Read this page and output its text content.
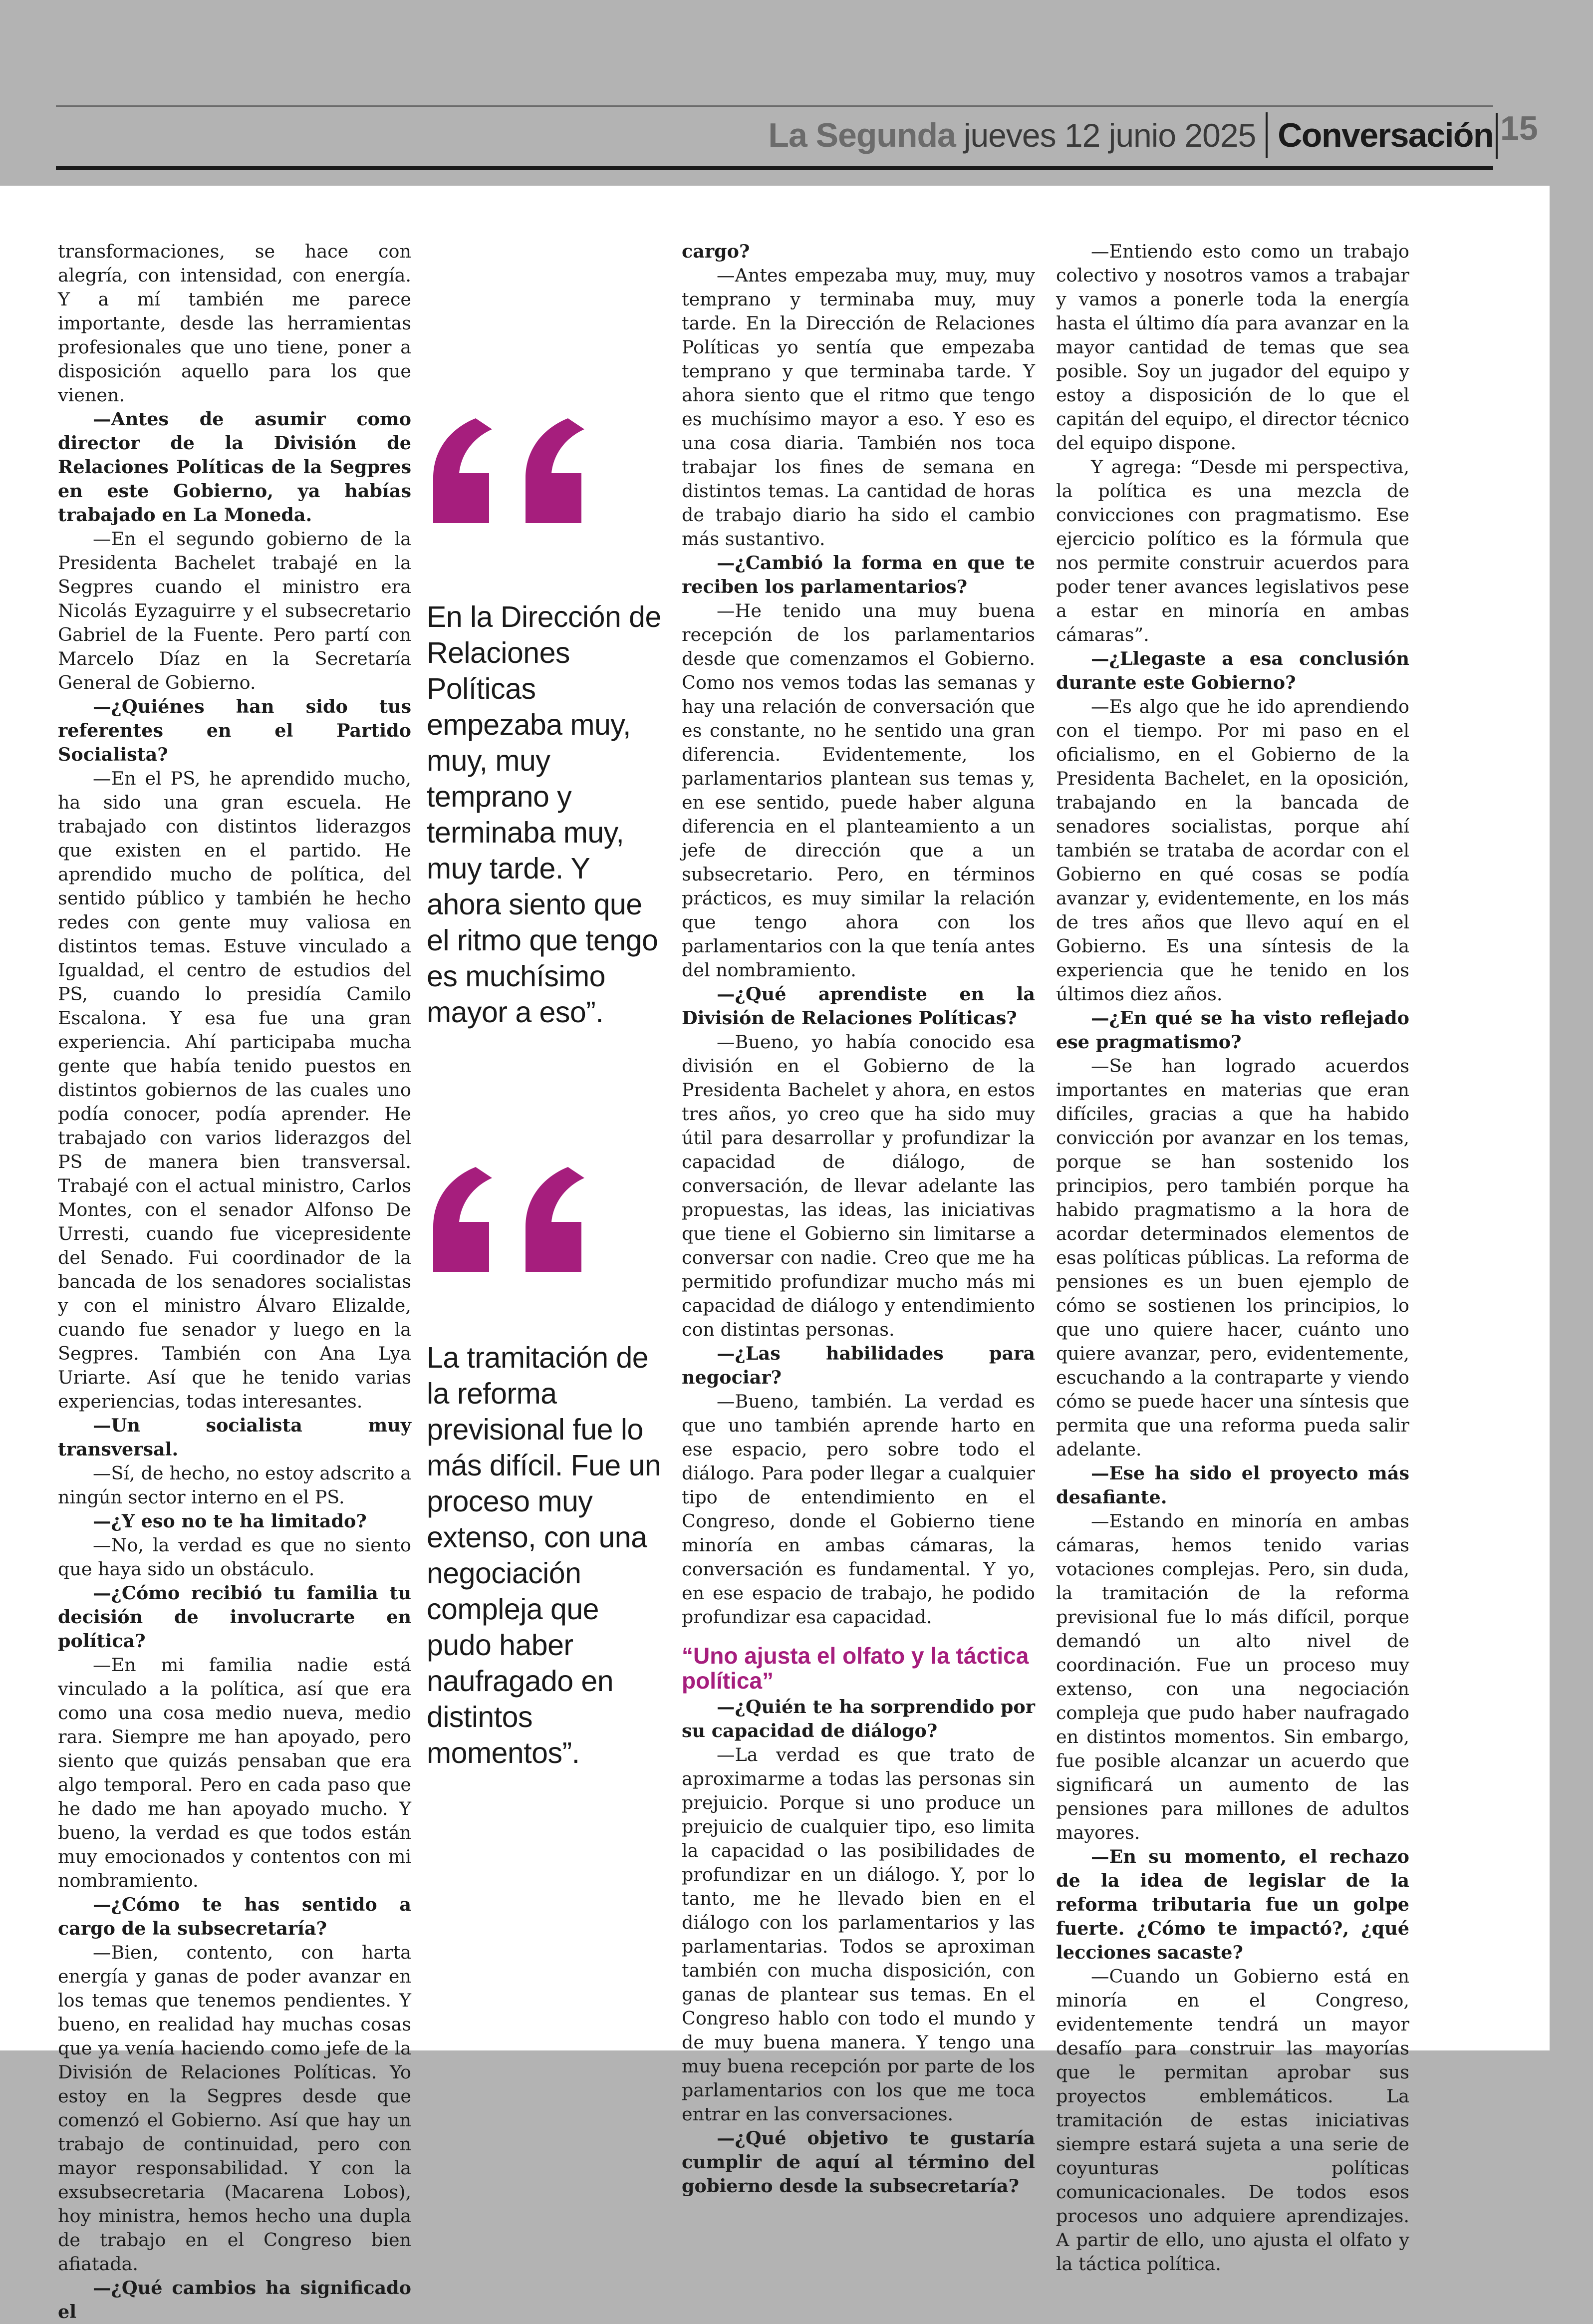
La Segunda jueves 12 junio 2025 Conversación 15

transformaciones, se hace con alegría, con intensidad, con energía. Y a mí también me parece importante, desde las herramientas profesionales que uno tiene, poner a disposición aquello para los que vienen.

—Antes de asumir como director de la División de Relaciones Políticas de la Segpres en este Gobierno, ya habías trabajado en La Moneda.

—En el segundo gobierno de la Presidenta Bachelet trabajé en la Segpres cuando el ministro era Nicolás Eyzaguirre y el subsecretario Gabriel de la Fuente. Pero partí con Marcelo Díaz en la Secretaría General de Gobierno.

—¿Quiénes han sido tus referentes en el Partido Socialista?

—En el PS, he aprendido mucho, ha sido una gran escuela. He trabajado con distintos liderazgos que existen en el partido. He aprendido mucho de política, del sentido público y también he hecho redes con gente muy valiosa en distintos temas. Estuve vinculado a Igualdad, el centro de estudios del PS, cuando lo presidía Camilo Escalona. Y esa fue una gran experiencia. Ahí participaba mucha gente que había tenido puestos en distintos gobiernos de las cuales uno podía conocer, podía aprender. He trabajado con varios liderazgos del PS de manera bien transversal. Trabajé con el actual ministro, Carlos Montes, con el senador Alfonso De Urresti, cuando fue vicepresidente del Senado. Fui coordinador de la bancada de los senadores socialistas y con el ministro Álvaro Elizalde, cuando fue senador y luego en la Segpres. También con Ana Lya Uriarte. Así que he tenido varias experiencias, todas interesantes.

—Un socialista muy transversal.

—Sí, de hecho, no estoy adscrito a ningún sector interno en el PS.

—¿Y eso no te ha limitado?

—No, la verdad es que no siento que haya sido un obstáculo.

—¿Cómo recibió tu familia tu decisión de involucrarte en política?

—En mi familia nadie está vinculado a la política, así que era como una cosa medio nueva, medio rara. Siempre me han apoyado, pero siento que quizás pensaban que era algo temporal. Pero en cada paso que he dado me han apoyado mucho. Y bueno, la verdad es que todos están muy emocionados y contentos con mi nombramiento.

—¿Cómo te has sentido a cargo de la subsecretaría?

—Bien, contento, con harta energía y ganas de poder avanzar en los temas que tenemos pendientes. Y bueno, en realidad hay muchas cosas que ya venía haciendo como jefe de la División de Relaciones Políticas. Yo estoy en la Segpres desde que comenzó el Gobierno. Así que hay un trabajo de continuidad, pero con mayor responsabilidad. Y con la exsubsecretaria (Macarena Lobos), hoy ministra, hemos hecho una dupla de trabajo en el Congreso bien afiatada.

—¿Qué cambios ha significado el

cargo?

—Antes empezaba muy, muy, muy temprano y terminaba muy, muy tarde. En la Dirección de Relaciones Políticas yo sentía que empezaba temprano y que terminaba tarde. Y ahora siento que el ritmo que tengo es muchísimo mayor a eso. Y eso es una cosa diaria. También nos toca trabajar los fines de semana en distintos temas. La cantidad de horas de trabajo diario ha sido el cambio más sustantivo.

—¿Cambió la forma en que te reciben los parlamentarios?

—He tenido una muy buena recepción de los parlamentarios desde que comenzamos el Gobierno. Como nos vemos todas las semanas y hay una relación de conversación que es constante, no he sentido una gran diferencia. Evidentemente, los parlamentarios plantean sus temas y, en ese sentido, puede haber alguna diferencia en el planteamiento a un jefe de dirección que a un subsecretario. Pero, en términos prácticos, es muy similar la relación que tengo ahora con los parlamentarios con la que tenía antes del nombramiento.

—¿Qué aprendiste en la División de Relaciones Políticas?

—Bueno, yo había conocido esa división en el Gobierno de la Presidenta Bachelet y ahora, en estos tres años, yo creo que ha sido muy útil para desarrollar y profundizar la capacidad de diálogo, de conversación, de llevar adelante las propuestas, las ideas, las iniciativas que tiene el Gobierno sin limitarse a conversar con nadie. Creo que me ha permitido profundizar mucho más mi capacidad de diálogo y entendimiento con distintas personas.

—¿Las habilidades para negociar?

—Bueno, también. La verdad es que uno también aprende harto en ese espacio, pero sobre todo el diálogo. Para poder llegar a cualquier tipo de entendimiento en el Congreso, donde el Gobierno tiene minoría en ambas cámaras, la conversación es fundamental. Y yo, en ese espacio de trabajo, he podido profundizar esa capacidad.

“Uno ajusta el olfato y la táctica política”

—¿Quién te ha sorprendido por su capacidad de diálogo?

—La verdad es que trato de aproximarme a todas las personas sin prejuicio. Porque si uno produce un prejuicio de cualquier tipo, eso limita la capacidad o las posibilidades de profundizar en un diálogo. Y, por lo tanto, me he llevado bien en el diálogo con los parlamentarios y las parlamentarias. Todos se aproximan también con mucha disposición, con ganas de plantear sus temas. En el Congreso hablo con todo el mundo y de muy buena manera. Y tengo una muy buena recepción por parte de los parlamentarios con los que me toca entrar en las conversaciones.

—¿Qué objetivo te gustaría cumplir de aquí al término del gobierno desde la subsecretaría?

—Entiendo esto como un trabajo colectivo y nosotros vamos a trabajar y vamos a ponerle toda la energía hasta el último día para avanzar en la mayor cantidad de temas que sea posible. Soy un jugador del equipo y estoy a disposición de lo que el capitán del equipo, el director técnico del equipo dispone.

Y agrega: “Desde mi perspectiva, la política es una mezcla de convicciones con pragmatismo. Ese ejercicio político es la fórmula que nos permite construir acuerdos para poder tener avances legislativos pese a estar en minoría en ambas cámaras”.

—¿Llegaste a esa conclusión durante este Gobierno?

—Es algo que he ido aprendiendo con el tiempo. Por mi paso en el oficialismo, en el Gobierno de la Presidenta Bachelet, en la oposición, trabajando en la bancada de senadores socialistas, porque ahí también se trataba de acordar con el Gobierno en qué cosas se podía avanzar y, evidentemente, en los más de tres años que llevo aquí en el Gobierno. Es una síntesis de la experiencia que he tenido en los últimos diez años.

—¿En qué se ha visto reflejado ese pragmatismo?

—Se han logrado acuerdos importantes en materias que eran difíciles, gracias a que ha habido convicción por avanzar en los temas, porque se han sostenido los principios, pero también porque ha habido pragmatismo a la hora de acordar determinados elementos de esas políticas públicas. La reforma de pensiones es un buen ejemplo de cómo se sostienen los principios, lo que uno quiere hacer, cuánto uno quiere avanzar, pero, evidentemente, escuchando a la contraparte y viendo cómo se puede hacer una síntesis que permita que una reforma pueda salir adelante.

—Ese ha sido el proyecto más desafiante.

—Estando en minoría en ambas cámaras, hemos tenido varias votaciones complejas. Pero, sin duda, la tramitación de la reforma previsional fue lo más difícil, porque demandó un alto nivel de coordinación. Fue un proceso muy extenso, con una negociación compleja que pudo haber naufragado en distintos momentos. Sin embargo, fue posible alcanzar un acuerdo que significará un aumento de las pensiones para millones de adultos mayores.

—En su momento, el rechazo de la idea de legislar de la reforma tributaria fue un golpe fuerte. ¿Cómo te impactó?, ¿qué lecciones sacaste?

—Cuando un Gobierno está en minoría en el Congreso, evidentemente tendrá un mayor desafío para construir las mayorías que le permitan aprobar sus proyectos emblemáticos. La tramitación de estas iniciativas siempre estará sujeta a una serie de coyunturas políticas comunicacionales. De todos esos procesos uno adquiere aprendizajes. A partir de ello, uno ajusta el olfato y la táctica política.

En la Dirección de Relaciones Políticas empezaba muy, muy, muy temprano y terminaba muy, muy tarde. Y ahora siento que el ritmo que tengo es muchísimo mayor a eso”.
La tramitación de la reforma previsional fue lo más difícil. Fue un proceso muy extenso, con una negociación compleja que pudo haber naufragado en distintos momentos”.
